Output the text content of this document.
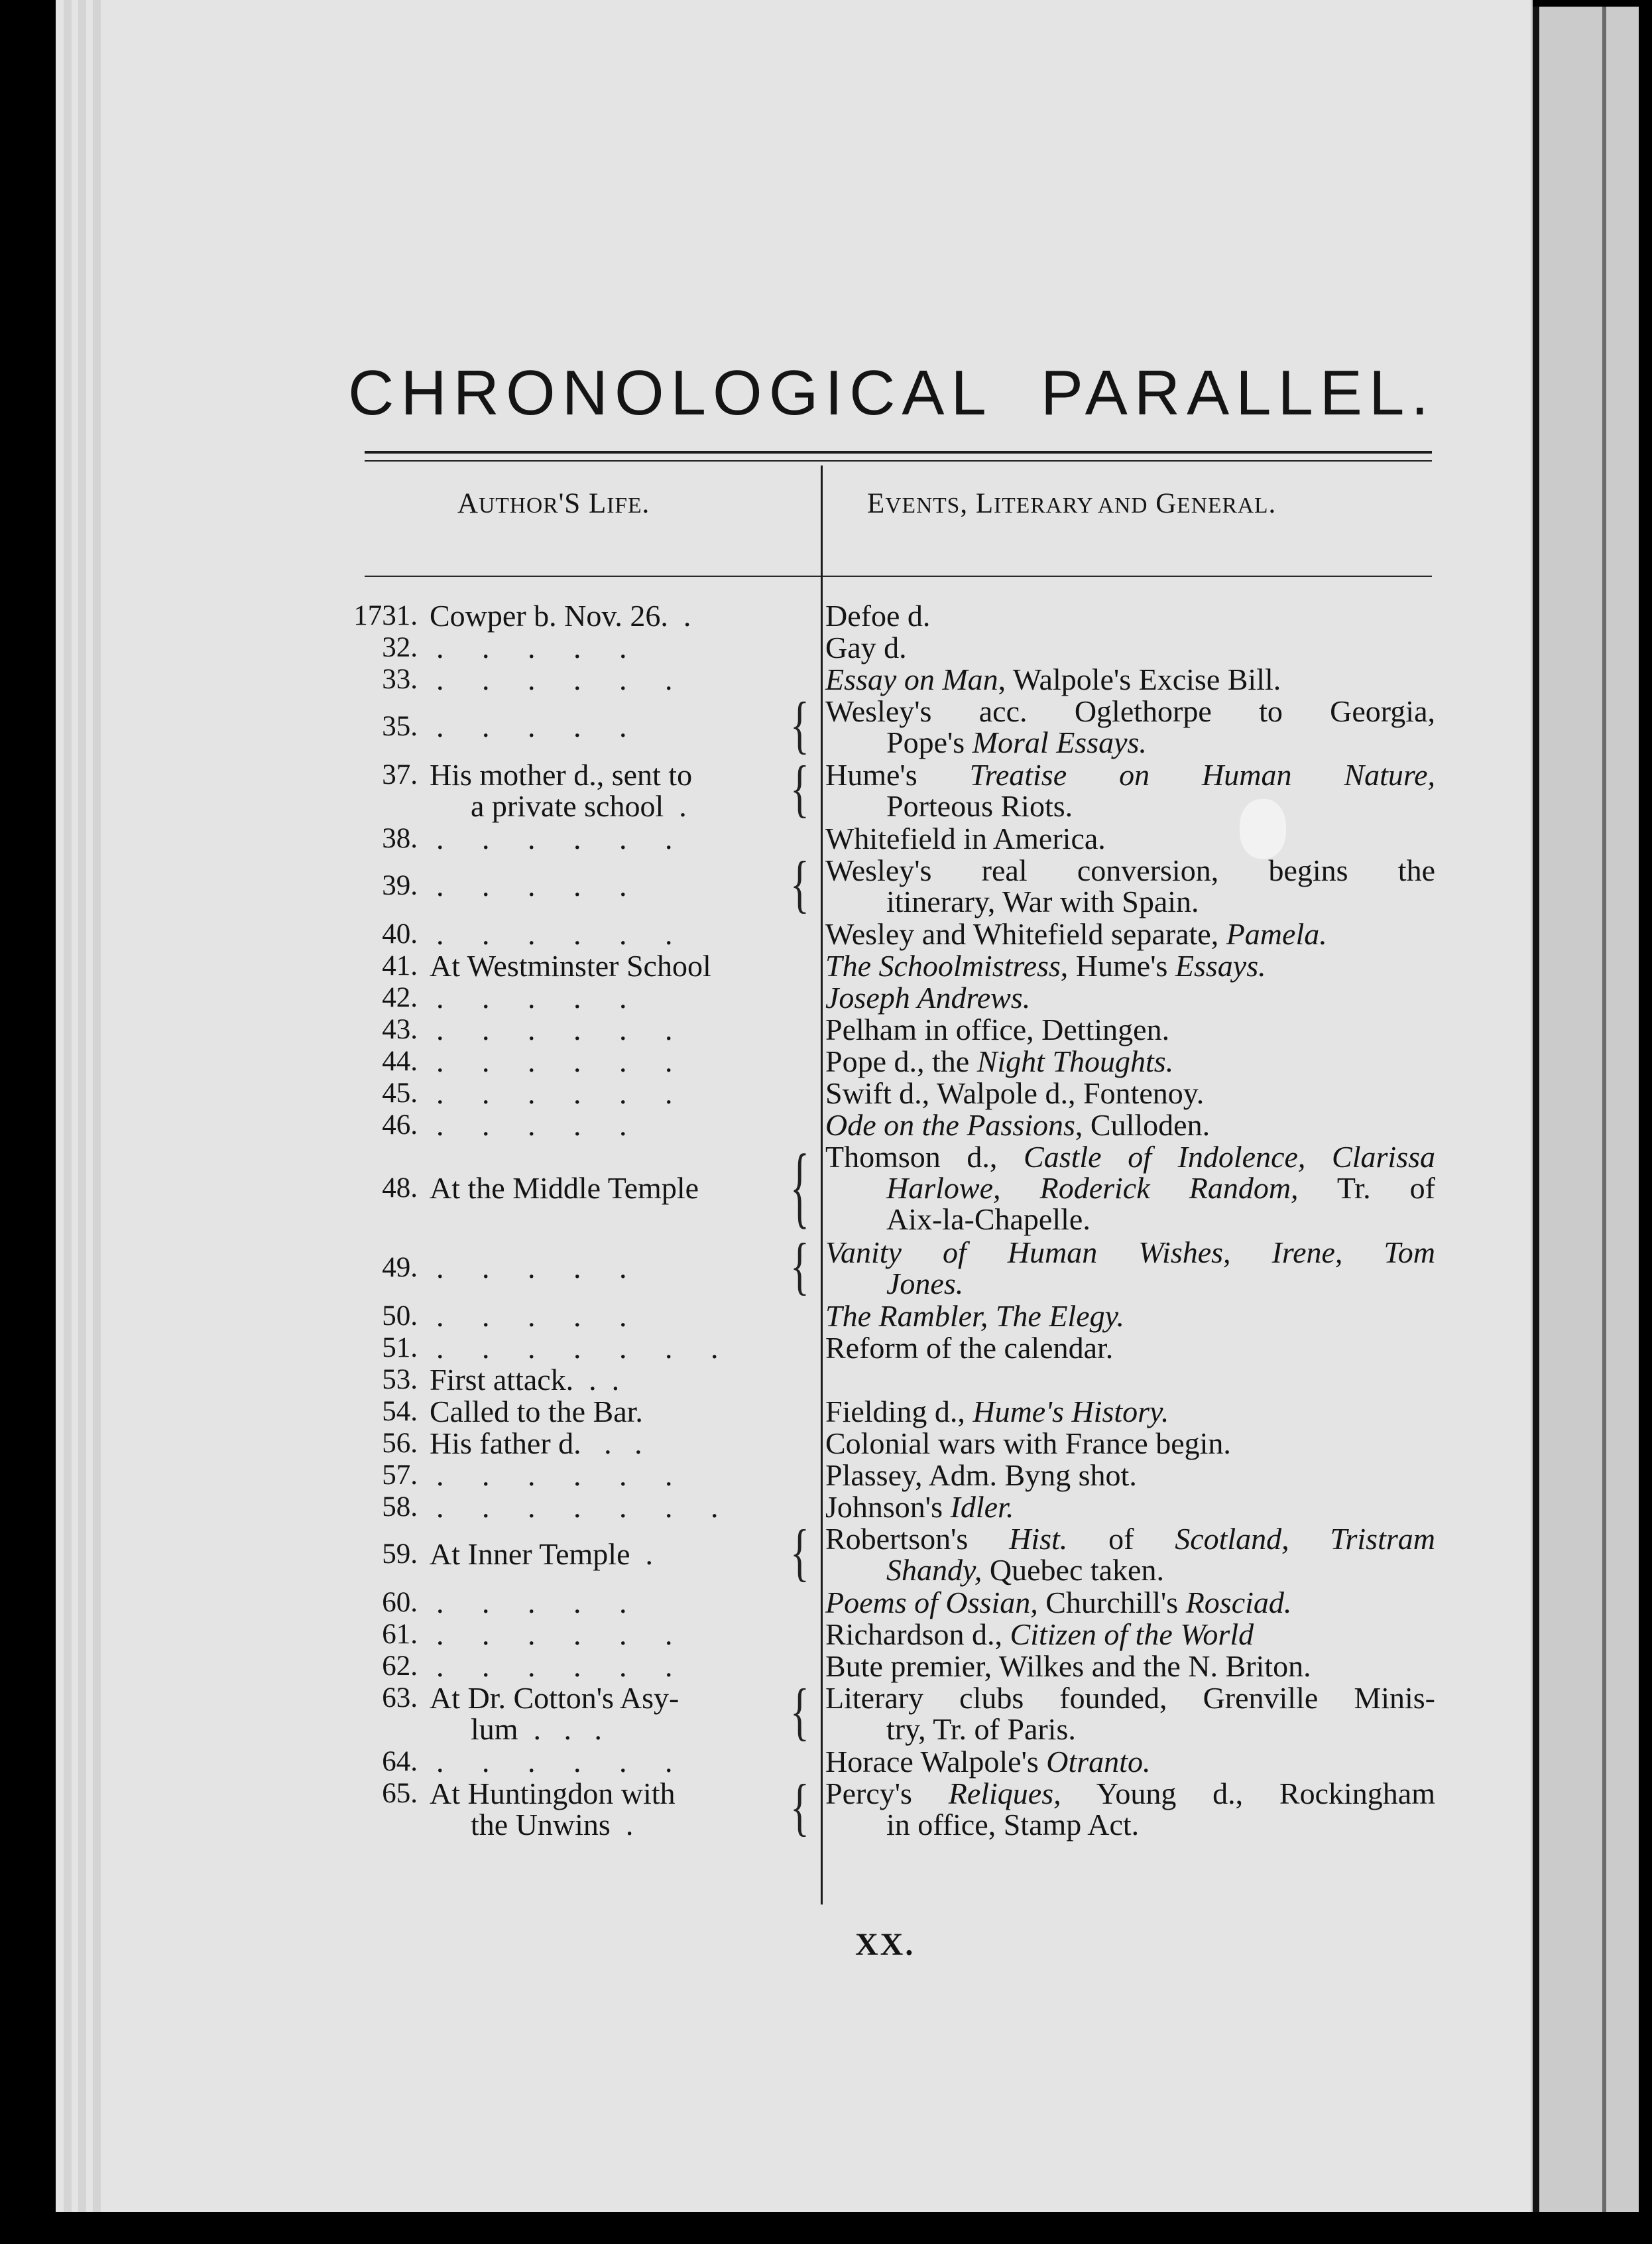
CHRONOLOGICAL PARALLEL.
AUTHOR'S LIFE.	EVENTS, LITERARY AND GENERAL.
1731. Cowper b. Nov. 26.  .	Defoe d.
32. . . . . .	Gay d.
33. . . . . . .	Essay on Man, Walpole's Excise Bill.
35. . . . . .	{ Wesley's acc. Oglethorpe to Georgia,
Pope's Moral Essays.
37. His mother d., sent to
a private school  .	{ Hume's Treatise on Human Nature,
Porteous Riots.
38. . . . . . .	Whitefield in America.
39. . . . . .	{ Wesley's real conversion, begins the
itinerary, War with Spain.
40. . . . . . .	Wesley and Whitefield separate, Pamela.
41. At Westminster School	The Schoolmistress, Hume's Essays.
42. . . . . .	Joseph Andrews.
43. . . . . . .	Pelham in office, Dettingen.
44. . . . . . .	Pope d., the Night Thoughts.
45. . . . . . .	Swift d., Walpole d., Fontenoy.
46. . . . . .	Ode on the Passions, Culloden.
48. At the Middle Temple	{ Thomson d., Castle of Indolence, Clarissa
Harlowe, Roderick Random, Tr. of
Aix-la-Chapelle.
49. . . . . .	{ Vanity of Human Wishes, Irene, Tom
Jones.
50. . . . . .	The Rambler, The Elegy.
51. . . . . . . .	Reform of the calendar.
53. First attack.  .  .
54. Called to the Bar.	Fielding d., Hume's History.
56. His father d.   .   .	Colonial wars with France begin.
57. . . . . . .	Plassey, Adm. Byng shot.
58. . . . . . . .	Johnson's Idler.
59. At Inner Temple  .	{ Robertson's Hist. of Scotland, Tristram
Shandy, Quebec taken.
60. . . . . .	Poems of Ossian, Churchill's Rosciad.
61. . . . . . .	Richardson d., Citizen of the World
62. . . . . . .	Bute premier, Wilkes and the N. Briton.
63. At Dr. Cotton's Asy-
lum  .   .   .	{ Literary clubs founded, Grenville Minis-
try, Tr. of Paris.
64. . . . . . .	Horace Walpole's Otranto.
65. At Huntingdon with
the Unwins  .	{ Percy's Reliques, Young d., Rockingham
in office, Stamp Act.
XX.
